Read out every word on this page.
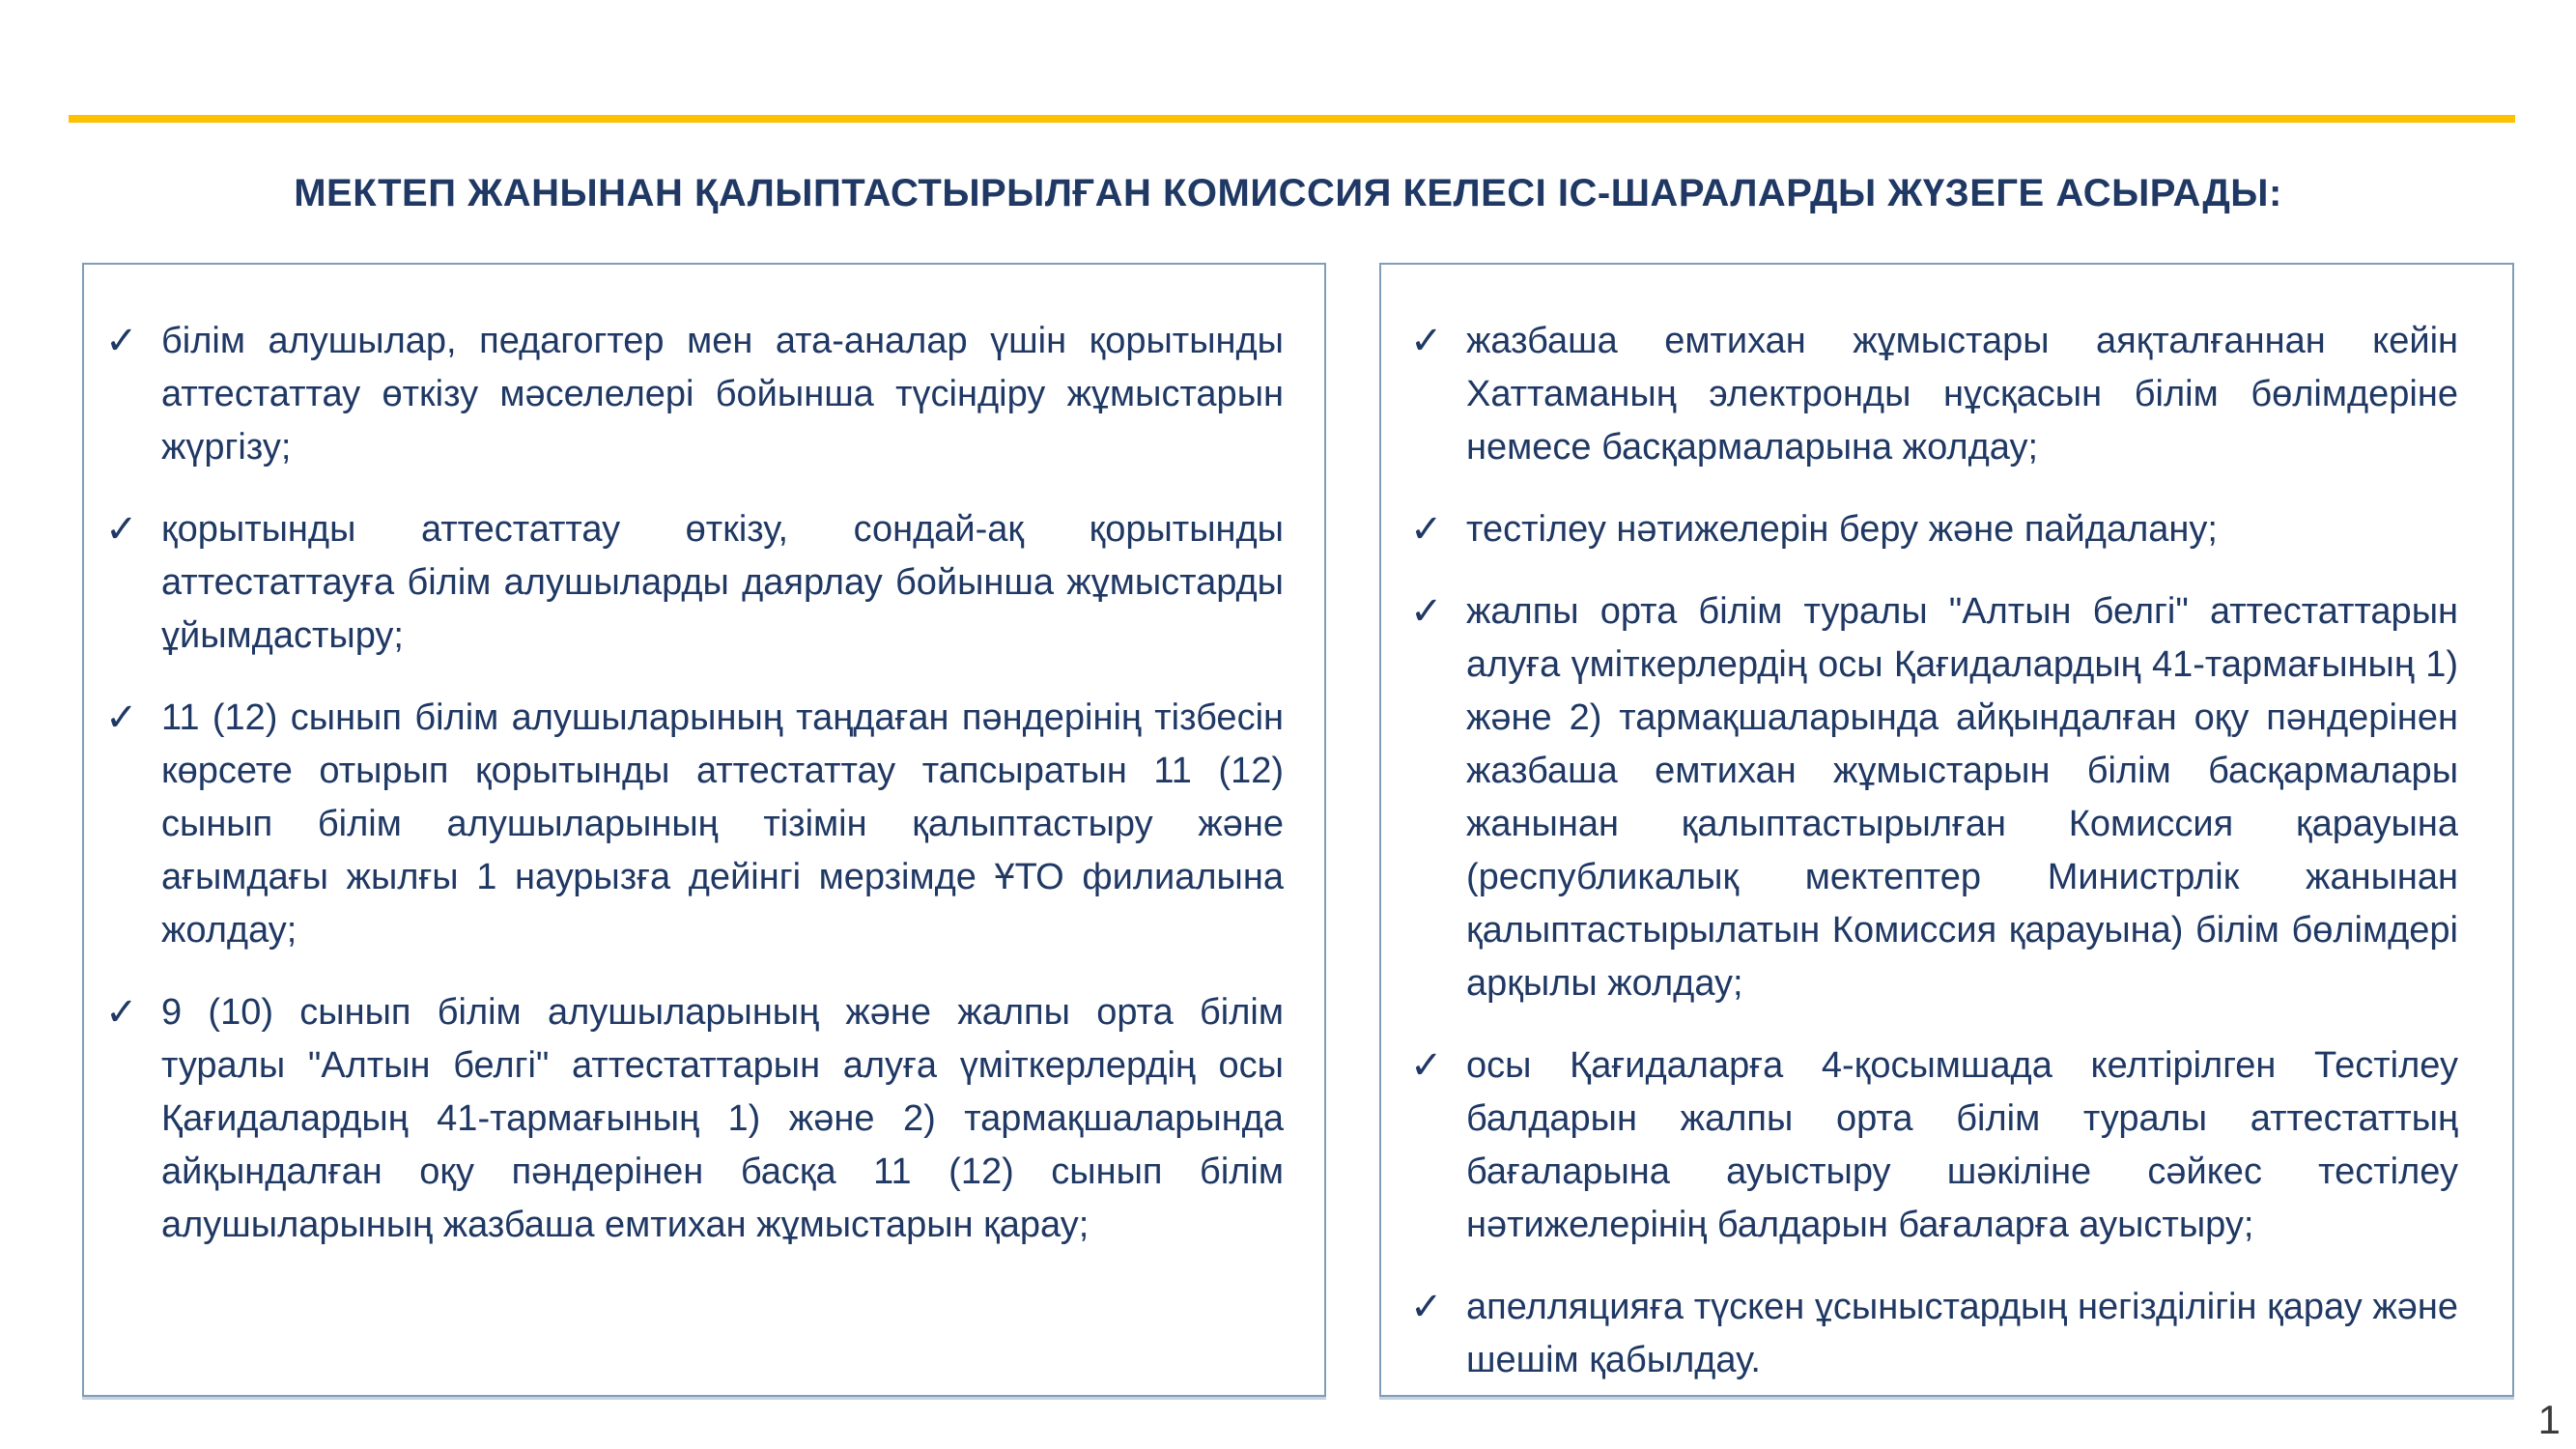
МЕКТЕП ЖАНЫНАН ҚАЛЫПТАСТЫРЫЛҒАН КОМИССИЯ КЕЛЕСІ ІС-ШАРАЛАРДЫ ЖҮЗЕГЕ АСЫРАДЫ:
✓ білім алушылар, педагогтер мен ата-аналар үшін қорытынды аттестаттау өткізу мәселелері бойынша түсіндіру жұмыстарын жүргізу;

✓ қорытынды аттестаттау өткізу, сондай-ақ қорытынды аттестаттауға білім алушыларды даярлау бойынша жұмыстарды ұйымдастыру;

✓ 11 (12) сынып білім алушыларының таңдаған пәндерінің тізбесін көрсете отырып қорытынды аттестаттау тапсыратын 11 (12) сынып білім алушыларының тізімін қалыптастыру және ағымдағы жылғы 1 наурызға дейінгі мерзімде ҰТО филиалына жолдау;

✓ 9 (10) сынып білім алушыларының және жалпы орта білім туралы "Алтын белгі" аттестаттарын алуға үміткерлердің осы Қағидалардың 41-тармағының 1) және 2) тармақшаларында айқындалған оқу пәндерінен басқа 11 (12) сынып білім алушыларының жазбаша емтихан жұмыстарын қарау;

✓ жазбаша емтихан жұмыстары аяқталғаннан кейін Хаттаманың электронды нұсқасын білім бөлімдеріне немесе басқармаларына жолдау;

✓ тестілеу нәтижелерін беру және пайдалану;

✓ жалпы орта білім туралы "Алтын белгі" аттестаттарын алуға үміткерлердің осы Қағидалардың 41-тармағының 1) және 2) тармақшаларында айқындалған оқу пәндерінен жазбаша емтихан жұмыстарын білім басқармалары жанынан қалыптастырылған Комиссия қарауына (республикалық мектептер Министрлік жанынан қалыптастырылатын Комиссия қарауына) білім бөлімдері арқылы жолдау;

✓ осы Қағидаларға 4-қосымшада келтірілген Тестілеу балдарын жалпы орта білім туралы аттестаттың бағаларына ауыстыру шәкіліне сәйкес тестілеу нәтижелерінің балдарын бағаларға ауыстыру;

✓ апелляцияға түскен ұсыныстардың негізділігін қарау және шешім қабылдау.

1
